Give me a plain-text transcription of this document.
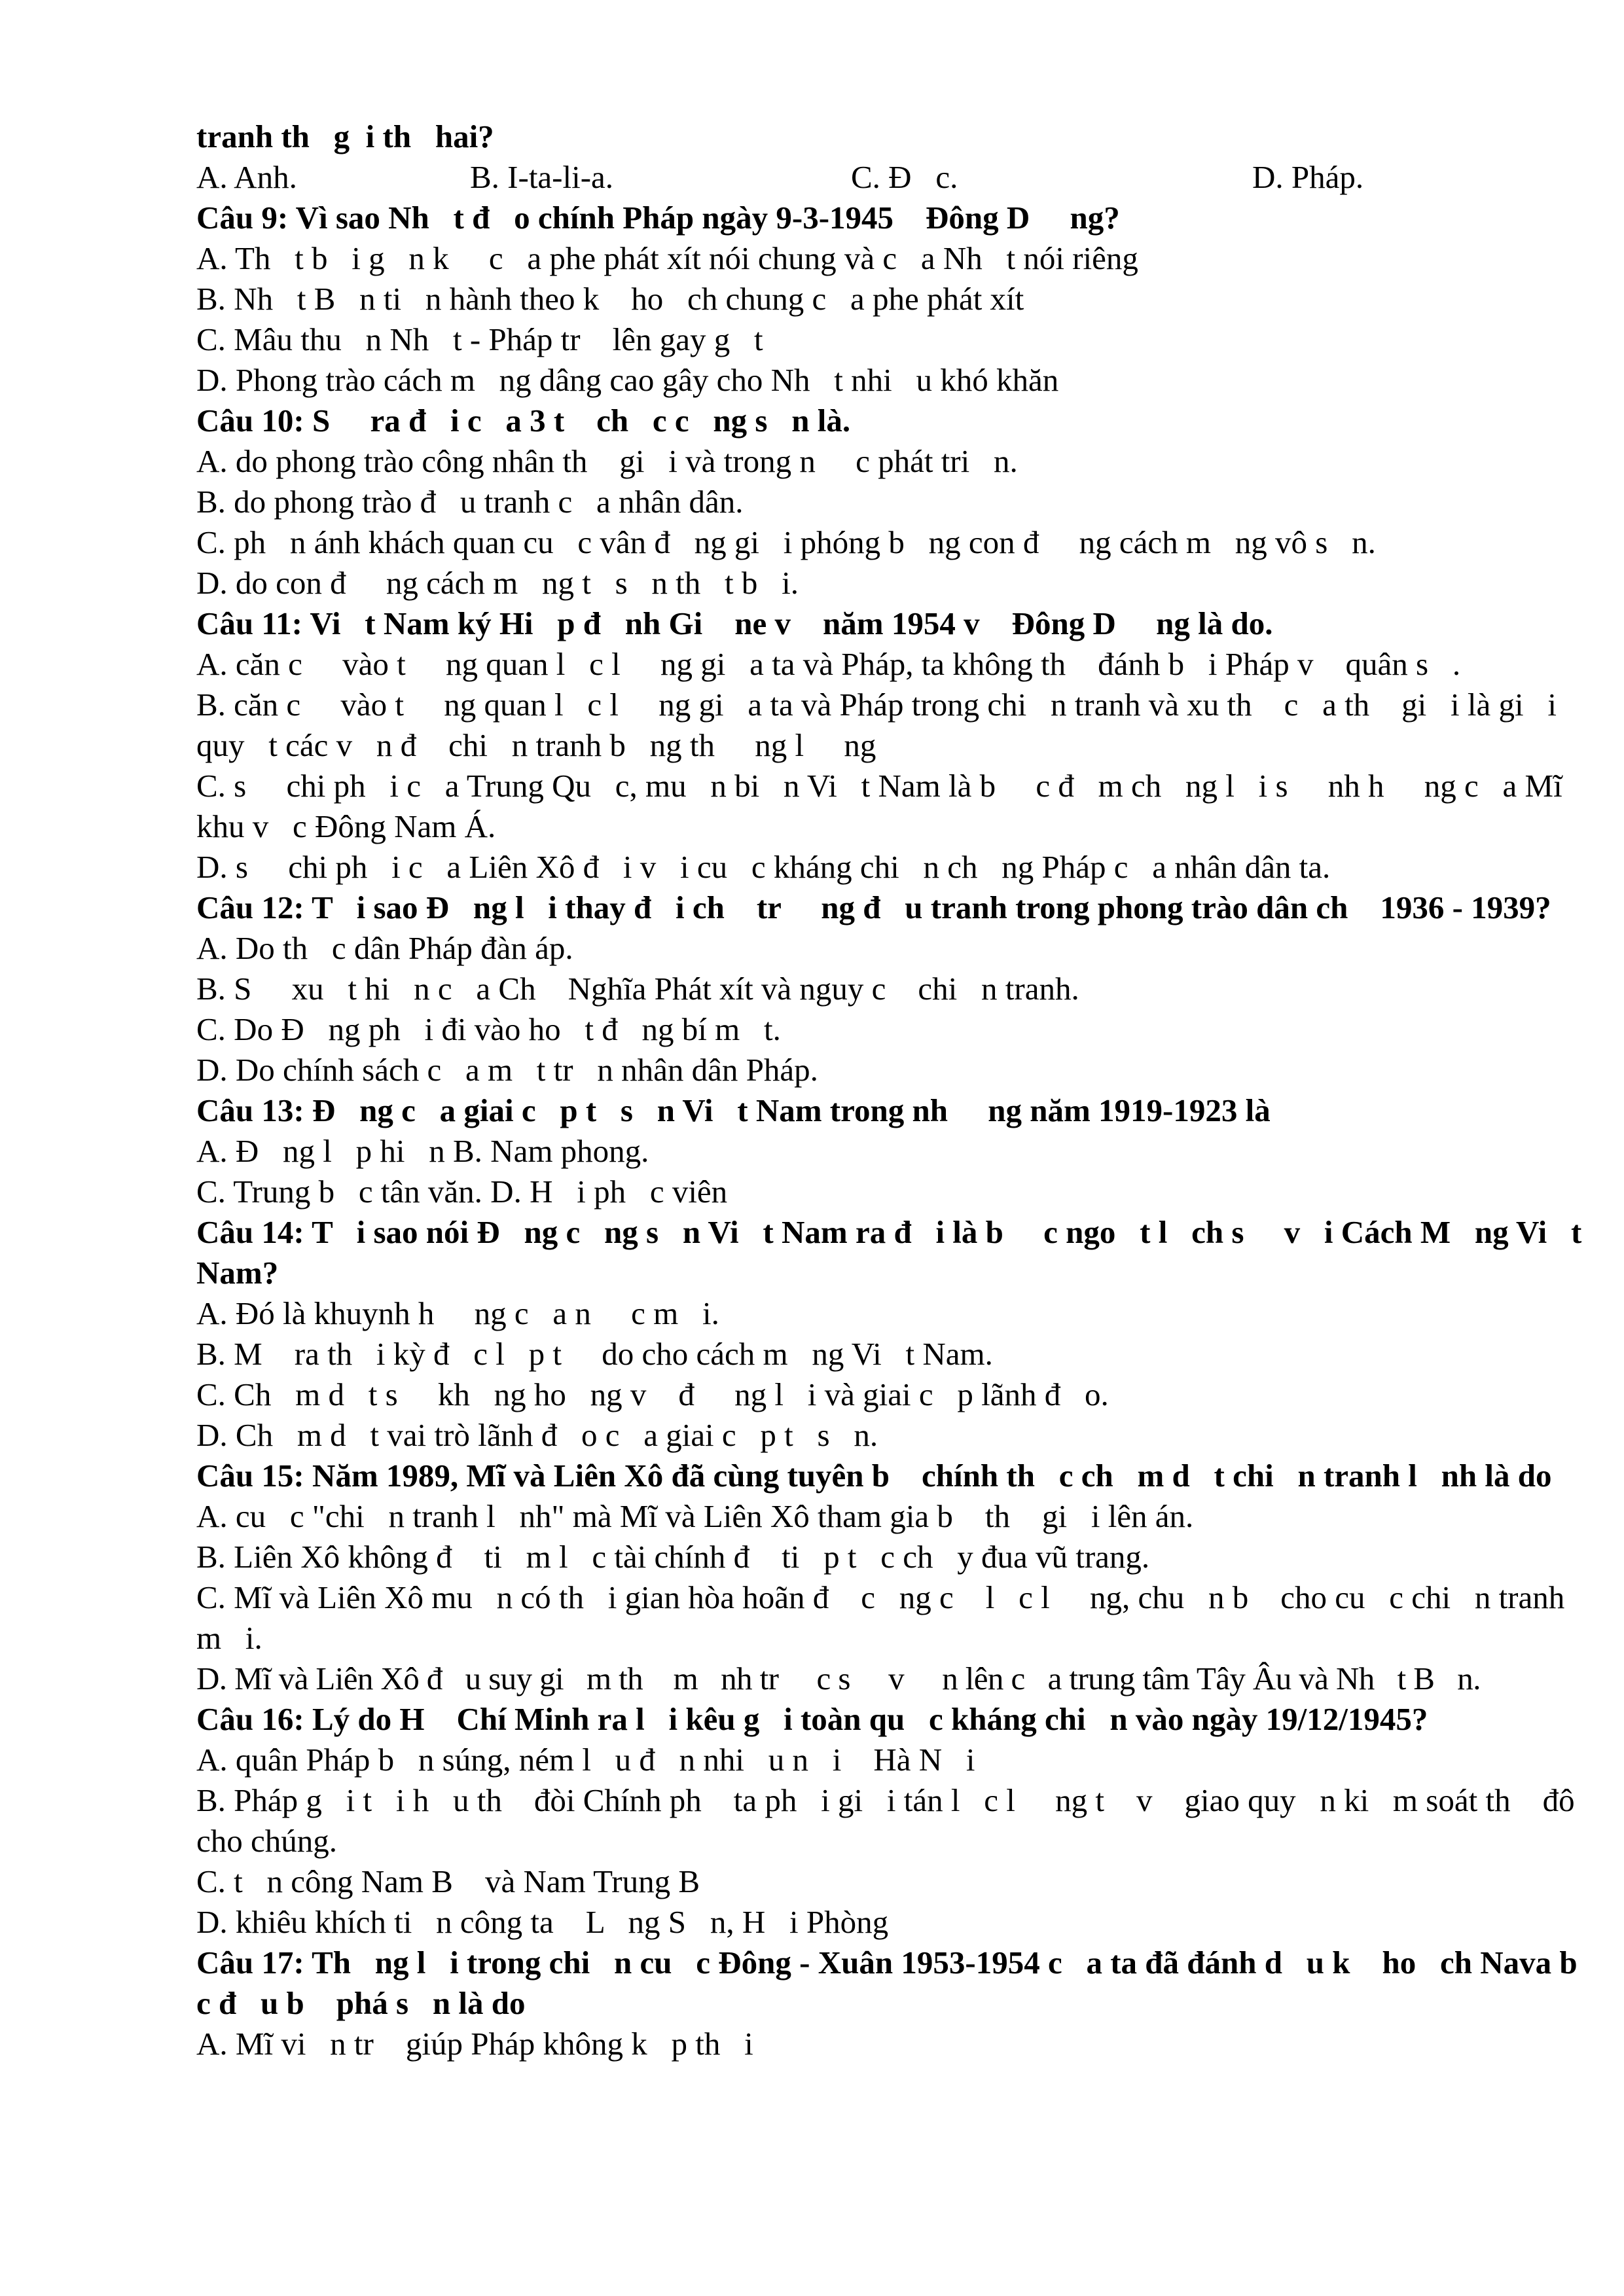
tranh th   g  i th   hai?
A. Anh.	B. I-ta-li-a.	C. Đ   c.	D. Pháp.
Câu 9: Vì sao Nh   t đ   o chính Pháp ngày 9-3-1945    Đông D     ng?
A. Th   t b   i g   n k     c   a phe phát xít nói chung và c   a Nh   t nói riêng
B. Nh   t B   n ti   n hành theo k    ho   ch chung c   a phe phát xít
C. Mâu thu   n Nh   t - Pháp tr    lên gay g   t
D. Phong trào cách m   ng dâng cao gây cho Nh   t nhi   u khó khăn
Câu 10: S     ra đ   i c   a 3 t    ch   c c   ng s   n là.
A. do phong trào công nhân th    gi   i và trong n     c phát tri   n.
B. do phong trào đ   u tranh c   a nhân dân.
C. ph   n ánh khách quan cu   c vân đ   ng gi   i phóng b   ng con đ     ng cách m   ng vô s   n.
D. do con đ     ng cách m   ng t   s   n th   t b   i.
Câu 11: Vi   t Nam ký Hi   p đ   nh Gi    ne v    năm 1954 v    Đông D     ng là do.
A. căn c     vào t     ng quan l   c l     ng gi   a ta và Pháp, ta không th    đánh b   i Pháp v    quân s   .
B. căn c     vào t     ng quan l   c l     ng gi   a ta và Pháp trong chi   n tranh và xu th    c   a th    gi   i là gi   i quy   t các v   n đ    chi   n tranh b   ng th     ng l     ng
C. s     chi ph   i c   a Trung Qu   c, mu   n bi   n Vi   t Nam là b     c đ   m ch   ng l   i s     nh h     ng c   a Mĩ    khu v   c Đông Nam Á.
D. s     chi ph   i c   a Liên Xô đ   i v   i cu   c kháng chi   n ch   ng Pháp c   a nhân dân ta.
Câu 12: T   i sao Đ   ng l   i thay đ   i ch    tr     ng đ   u tranh trong phong trào dân ch    1936 - 1939?
A. Do th   c dân Pháp đàn áp.
B. S     xu   t hi   n c   a Ch    Nghĩa Phát xít và nguy c    chi   n tranh.
C. Do Đ   ng ph   i đi vào ho   t đ   ng bí m   t.
D. Do chính sách c   a m   t tr   n nhân dân Pháp.
Câu 13: Đ   ng c   a giai c   p t   s   n Vi   t Nam trong nh     ng năm 1919-1923 là
A. Đ   ng l   p hi   n B. Nam phong.
C. Trung b   c tân văn. D. H   i ph   c viên
Câu 14: T   i sao nói Đ   ng c   ng s   n Vi   t Nam ra đ   i là b     c ngo   t l   ch s     v   i Cách M   ng Vi   t Nam?
A. Đó là khuynh h     ng c   a n     c m   i.
B. M    ra th   i kỳ đ   c l   p t     do cho cách m   ng Vi   t Nam.
C. Ch   m d   t s     kh   ng ho   ng v    đ     ng l   i và giai c   p lãnh đ   o.
D. Ch   m d   t vai trò lãnh đ   o c   a giai c   p t   s   n.
Câu 15: Năm 1989, Mĩ và Liên Xô đã cùng tuyên b    chính th   c ch   m d   t chi   n tranh l   nh là do
A. cu   c "chi   n tranh l   nh" mà Mĩ và Liên Xô tham gia b    th    gi   i lên án.
B. Liên Xô không đ    ti   m l   c tài chính đ    ti   p t   c ch   y đua vũ trang.
C. Mĩ và Liên Xô mu   n có th   i gian hòa hoãn đ    c   ng c    l   c l     ng, chu   n b    cho cu   c chi   n tranh m   i.
D. Mĩ và Liên Xô đ   u suy gi   m th    m   nh tr     c s     v     n lên c   a trung tâm Tây Âu và Nh   t B   n.
Câu 16: Lý do H    Chí Minh ra l   i kêu g   i toàn qu   c kháng chi   n vào ngày 19/12/1945?
A. quân Pháp b   n súng, ném l   u đ   n nhi   u n   i    Hà N   i
B. Pháp g   i t   i h   u th    đòi Chính ph    ta ph   i gi   i tán l   c l     ng t    v    giao quy   n ki   m soát th    đô cho chúng.
C. t   n công Nam B    và Nam Trung B
D. khiêu khích ti   n công ta    L   ng S   n, H   i Phòng
Câu 17: Th   ng l   i trong chi   n cu   c Đông - Xuân 1953-1954 c   a ta đã đánh d   u k    ho   ch Nava b     c đ   u b    phá s   n là do
A. Mĩ vi   n tr    giúp Pháp không k   p th   i
